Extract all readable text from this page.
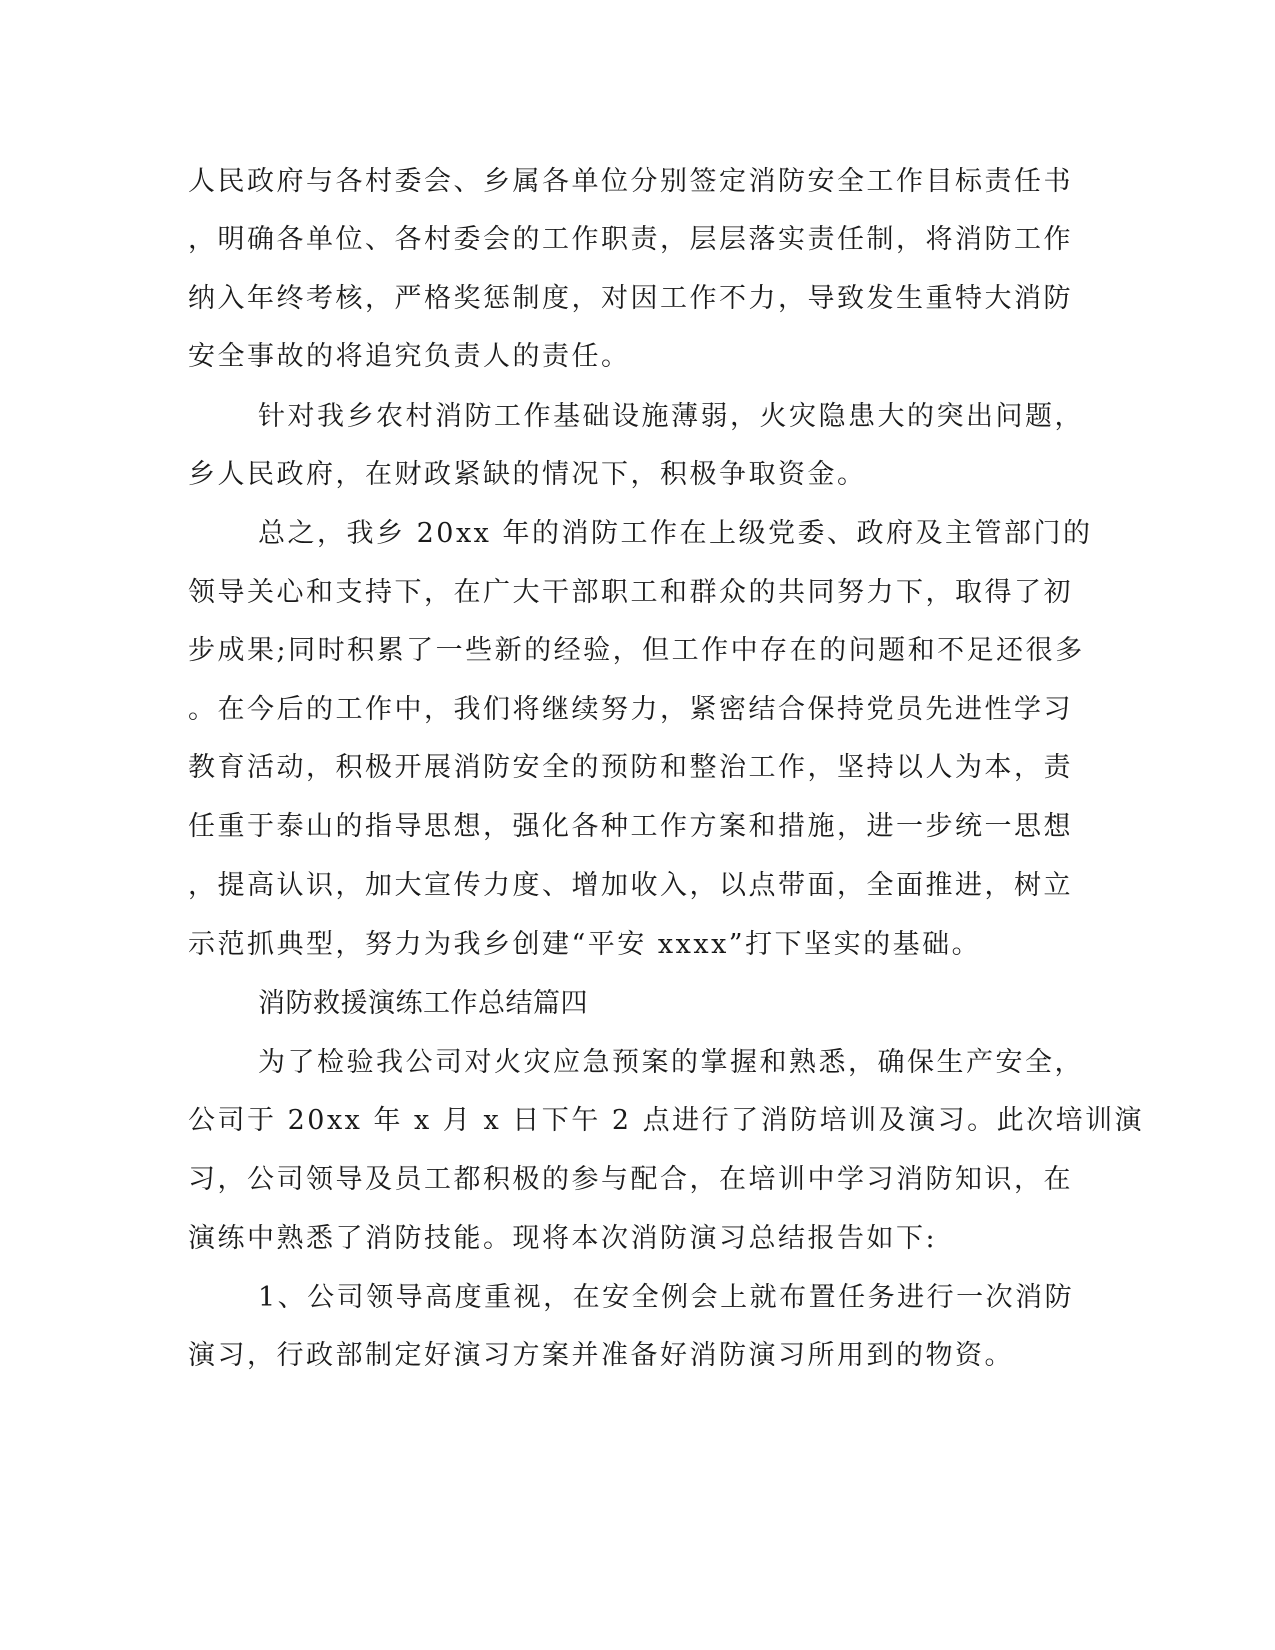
人民政府与各村委会、乡属各单位分别签定消防安全工作目标责任书

，明确各单位、各村委会的工作职责，层层落实责任制，将消防工作

纳入年终考核，严格奖惩制度，对因工作不力，导致发生重特大消防

安全事故的将追究负责人的责任。

针对我乡农村消防工作基础设施薄弱，火灾隐患大的突出问题，

乡人民政府，在财政紧缺的情况下，积极争取资金。

总之，我乡 20xx 年的消防工作在上级党委、政府及主管部门的

领导关心和支持下，在广大干部职工和群众的共同努力下，取得了初

步成果;同时积累了一些新的经验，但工作中存在的问题和不足还很多

。在今后的工作中，我们将继续努力，紧密结合保持党员先进性学习

教育活动，积极开展消防安全的预防和整治工作，坚持以人为本，责

任重于泰山的指导思想，强化各种工作方案和措施，进一步统一思想

，提高认识，加大宣传力度、增加收入，以点带面，全面推进，树立

示范抓典型，努力为我乡创建“平安 xxxx”打下坚实的基础。

消防救援演练工作总结篇四

为了检验我公司对火灾应急预案的掌握和熟悉，确保生产安全，

公司于 20xx 年 x 月 x 日下午 2 点进行了消防培训及演习。此次培训演

习，公司领导及员工都积极的参与配合，在培训中学习消防知识，在

演练中熟悉了消防技能。现将本次消防演习总结报告如下:

1、公司领导高度重视，在安全例会上就布置任务进行一次消防

演习，行政部制定好演习方案并准备好消防演习所用到的物资。
